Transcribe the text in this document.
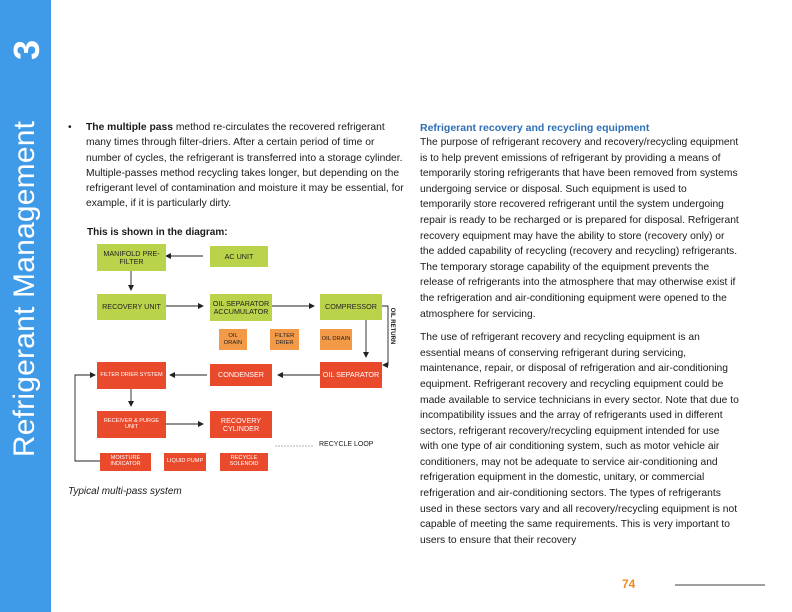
3
Refrigerant Management	• The multiple pass method re-circulates the recovered refrigerant many times through filter-driers. After a certain period of time or number of cycles, the refrigerant is transferred into a storage cylinder. Multiple-passes method recycling takes longer, but depending on the refrigerant level of contamination and moisture it may be essential, for example, if it is particularly dirty.
This is shown in the diagram:
MANIFOLD PRE-FILTER
AC UNIT
RECOVERY UNIT	OIL SEPARATOR ACCUMULATOR	COMPRESSOR
OIL DRAIN
FILTER DRIER
OIL DRAIN	OIL RETURN
FILTER DRIER SYSTEM	CONDENSER	OIL SEPARATOR
RECEIVER & PURGE UNIT
RECOVERY CYLINDER
MOISTURE INDICATOR	LIQUID PUMP	RECYCLE SOLENOID
RECYCLE LOOP
Typical multi-pass system
Refrigerant recovery and recycling equipment

The purpose of refrigerant recovery and recovery/recycling equipment is to help prevent emissions of refrigerant by providing a means of temporarily storing refrigerants that have been removed from systems undergoing service or disposal. Such equipment is used to temporarily store recovered refrigerant until the system undergoing repair is ready to be recharged or is prepared for disposal. Refrigerant recovery equipment may have the ability to store (recovery only) or the added capability of recycling (recovery and recycling) refrigerants. The temporary storage capability of the equipment prevents the release of refrigerants into the atmosphere that may otherwise exist if the refrigeration and air-conditioning equipment were opened to the atmosphere for servicing.

The use of refrigerant recovery and recycling equipment is an essential means of conserving refrigerant during servicing, maintenance, repair, or disposal of refrigeration and air-conditioning equipment. Refrigerant recovery and recycling equipment could be made available to service technicians in every sector. Note that due to incompatibility issues and the array of refrigerants used in different sectors, refrigerant recovery/recycling equipment intended for use with one type of air conditioning system, such as motor vehicle air conditioners, may not be adequate to service air-conditioning and refrigeration equipment in the domestic, unitary, or commercial refrigeration and air-conditioning sectors. The types of refrigerants used in these sectors vary and all recovery/recycling equipment is not capable of meeting the same requirements. This is very important to users to ensure that their recovery

74
